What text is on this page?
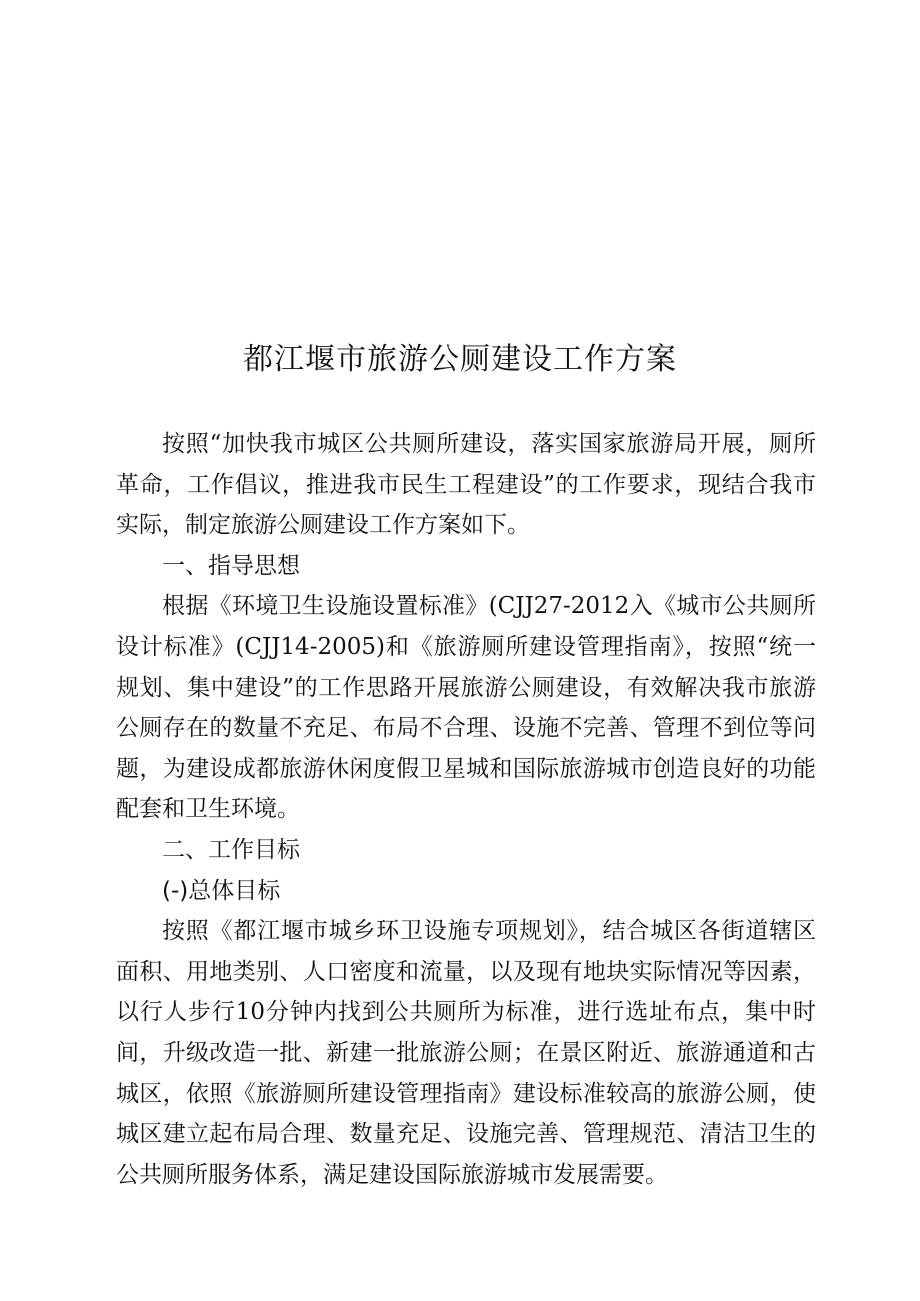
都江堰市旅游公厕建设工作方案

按照“加快我市城区公共厕所建设，落实国家旅游局开展，厕所革命，工作倡议，推进我市民生工程建设”的工作要求，现结合我市实际，制定旅游公厕建设工作方案如下。

一、指导思想

根据《环境卫生设施设置标准》(CJJ27-2012入《城市公共厕所设计标准》(CJJ14-2005)和《旅游厕所建设管理指南》，按照“统一规划、集中建设”的工作思路开展旅游公厕建设，有效解决我市旅游公厕存在的数量不充足、布局不合理、设施不完善、管理不到位等问题，为建设成都旅游休闲度假卫星城和国际旅游城市创造良好的功能配套和卫生环境。

二、工作目标

(-)总体目标

按照《都江堰市城乡环卫设施专项规划》，结合城区各街道辖区面积、用地类别、人口密度和流量，以及现有地块实际情况等因素，以行人步行10分钟内找到公共厕所为标准，进行选址布点，集中时间，升级改造一批、新建一批旅游公厕；在景区附近、旅游通道和古城区，依照《旅游厕所建设管理指南》建设标准较高的旅游公厕，使城区建立起布局合理、数量充足、设施完善、管理规范、清洁卫生的公共厕所服务体系，满足建设国际旅游城市发展需要。
